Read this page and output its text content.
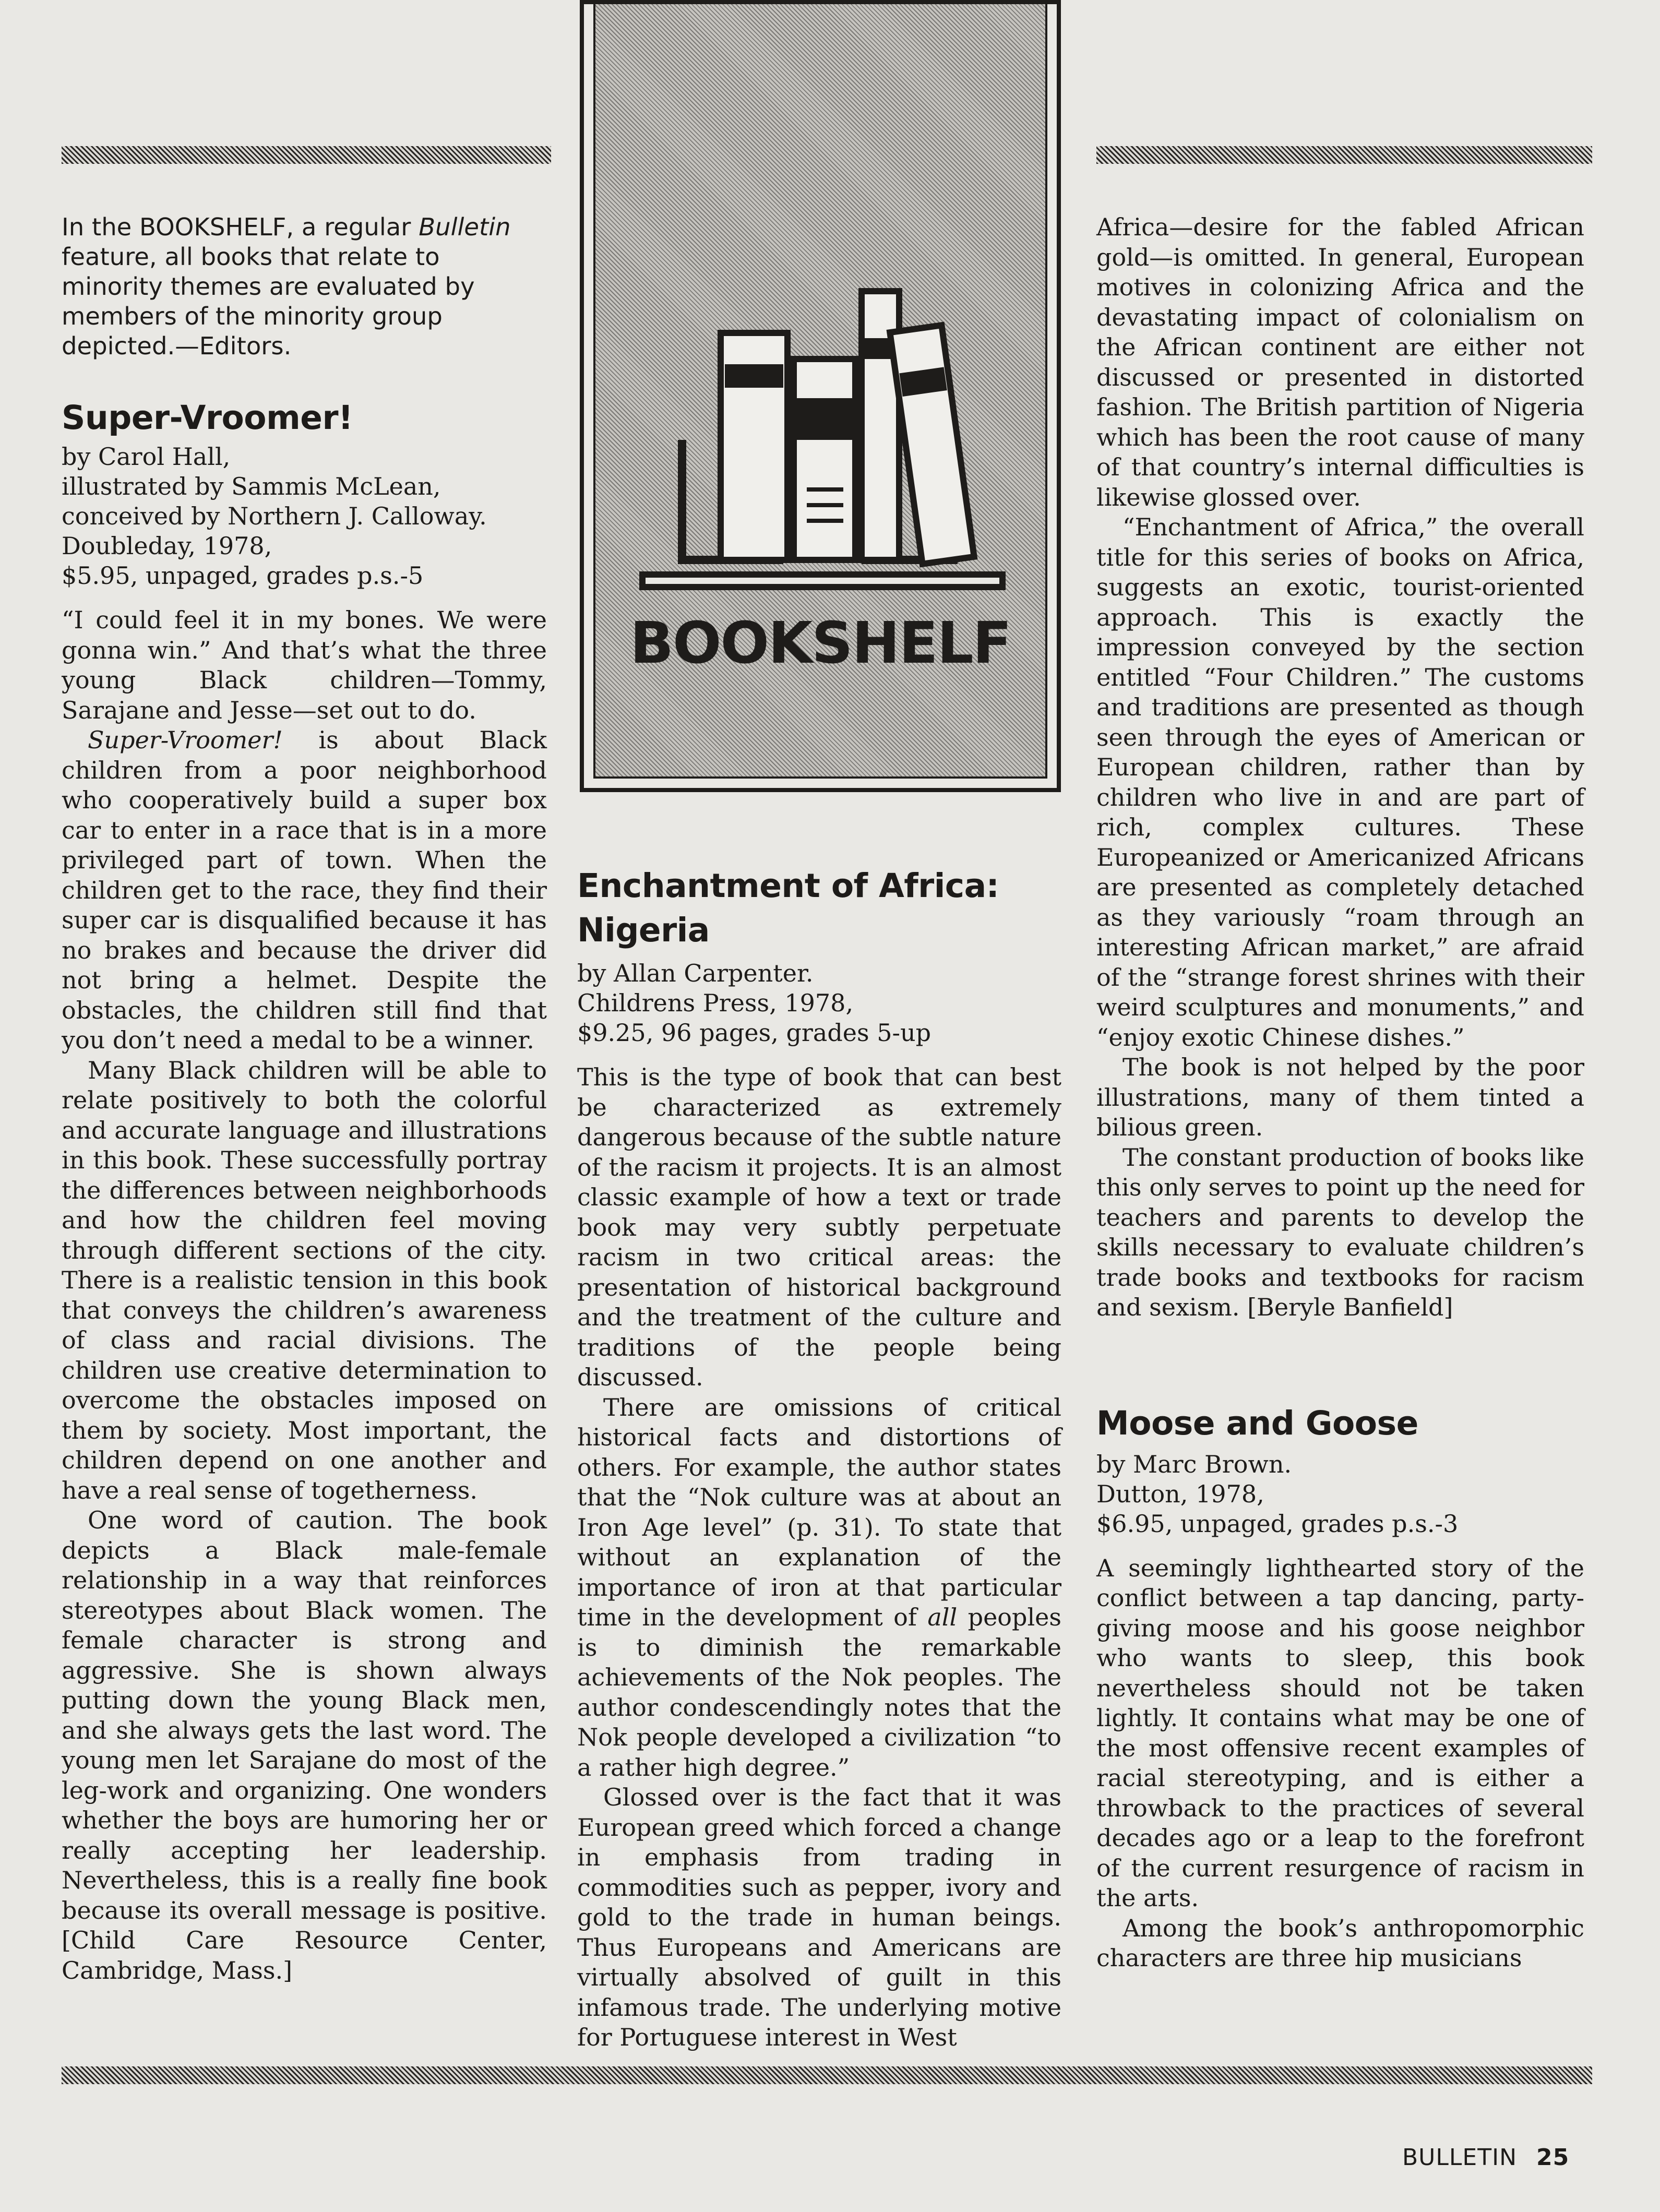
BOOKSHELF

In the BOOKSHELF, a regular Bulletin feature, all books that relate to minority themes are evaluated by members of the minority group depicted.—Editors.

Super-Vroomer!

by Carol Hall,

illustrated by Sammis McLean,

conceived by Northern J. Calloway.

Doubleday, 1978,

$5.95, unpaged, grades p.s.-5

“I could feel it in my bones. We were gonna win.” And that’s what the three young Black children—Tommy, Sarajane and Jesse—set out to do.

Super-Vroomer! is about Black children from a poor neighborhood who cooperatively build a super box car to enter in a race that is in a more privileged part of town. When the children get to the race, they find their super car is disqualified because it has no brakes and because the driver did not bring a helmet. Despite the obstacles, the children still find that you don’t need a medal to be a winner.

Many Black children will be able to relate positively to both the colorful and accurate language and illustrations in this book. These successfully portray the differences between neighborhoods and how the children feel moving through different sections of the city. There is a realistic tension in this book that conveys the children’s awareness of class and racial divisions. The children use creative determination to overcome the obstacles imposed on them by society. Most important, the children depend on one another and have a real sense of togetherness.

One word of caution. The book depicts a Black male-female relationship in a way that reinforces stereotypes about Black women. The female character is strong and aggressive. She is shown always putting down the young Black men, and she always gets the last word. The young men let Sarajane do most of the leg-work and organizing. One wonders whether the boys are humoring her or really accepting her leadership. Nevertheless, this is a really fine book because its overall message is positive. [Child Care Resource Center, Cambridge, Mass.]

Enchantment of Africa:
Nigeria

by Allan Carpenter.

Childrens Press, 1978,

$9.25, 96 pages, grades 5-up

This is the type of book that can best be characterized as extremely dangerous because of the subtle nature of the racism it projects. It is an almost classic example of how a text or trade book may very subtly perpetuate racism in two critical areas: the presentation of historical background and the treatment of the culture and traditions of the people being discussed.

There are omissions of critical historical facts and distortions of others. For example, the author states that the “Nok culture was at about an Iron Age level” (p. 31). To state that without an explanation of the importance of iron at that particular time in the development of all peoples is to diminish the remarkable achievements of the Nok peoples. The author condescendingly notes that the Nok people developed a civilization “to a rather high degree.”

Glossed over is the fact that it was European greed which forced a change in emphasis from trading in commodities such as pepper, ivory and gold to the trade in human beings. Thus Europeans and Americans are virtually absolved of guilt in this infamous trade. The underlying motive for Portuguese interest in West

Africa—desire for the fabled African gold—is omitted. In general, European motives in colonizing Africa and the devastating impact of colonialism on the African continent are either not discussed or presented in distorted fashion. The British partition of Nigeria which has been the root cause of many of that country’s internal difficulties is likewise glossed over.

“Enchantment of Africa,” the overall title for this series of books on Africa, suggests an exotic, tourist-oriented approach. This is exactly the impression conveyed by the section entitled “Four Children.” The customs and traditions are presented as though seen through the eyes of American or European children, rather than by children who live in and are part of rich, complex cultures. These Europeanized or Americanized Africans are presented as completely detached as they variously “roam through an interesting African market,” are afraid of the “strange forest shrines with their weird sculptures and monuments,” and “enjoy exotic Chinese dishes.”

The book is not helped by the poor illustrations, many of them tinted a bilious green.

The constant production of books like this only serves to point up the need for teachers and parents to develop the skills necessary to evaluate children’s trade books and textbooks for racism and sexism. [Beryle Banfield]

Moose and Goose

by Marc Brown.

Dutton, 1978,

$6.95, unpaged, grades p.s.-3

A seemingly lighthearted story of the conflict between a tap dancing, party-giving moose and his goose neighbor who wants to sleep, this book nevertheless should not be taken lightly. It contains what may be one of the most offensive recent examples of racial stereotyping, and is either a throwback to the practices of several decades ago or a leap to the forefront of the current resurgence of racism in the arts.

Among the book’s anthropomorphic characters are three hip musicians

BULLETIN 25
